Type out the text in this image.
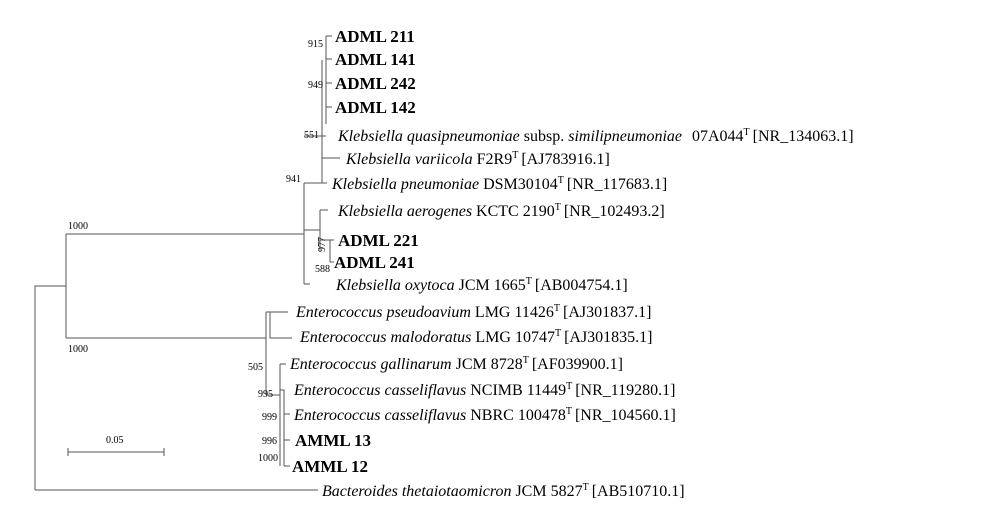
ADML 211
ADML 141
ADML 242
ADML 142
Klebsiella quasipneumoniae subsp. similipneumoniae $07A044^T$ [NR_134063.1]
Klebsiella variicola $F2R9^T$ [AJ783916.1]
Klebsiella pneumoniae $DSM30104^T$ [NR_117683.1]
Klebsiella aerogenes KCTC $2190^T$ [NR_102493.2]
ADML 221
ADML 241
Klebsiella oxytoca JCM $1665^T$ [AB004754.1]
Enterococcus pseudoavium LMG $11426^T$ [AJ301837.1]
Enterococcus malodoratus LMG $10747^T$ [AJ301835.1]
Enterococcus gallinarum JCM $8728^T$ [AF039900.1]
Enterococcus casseliflavus NCIMB $11449^T$ [NR_119280.1]
Enterococcus casseliflavus NBRC $100478^T$ [NR_104560.1]
AMML 13
AMML 12
Bacteroides thetaiotaomicron JCM $5827^T$ [AB510710.1]
915
949
551
941
977
588
1000
1000
505
995
999
996
1000
0.05
